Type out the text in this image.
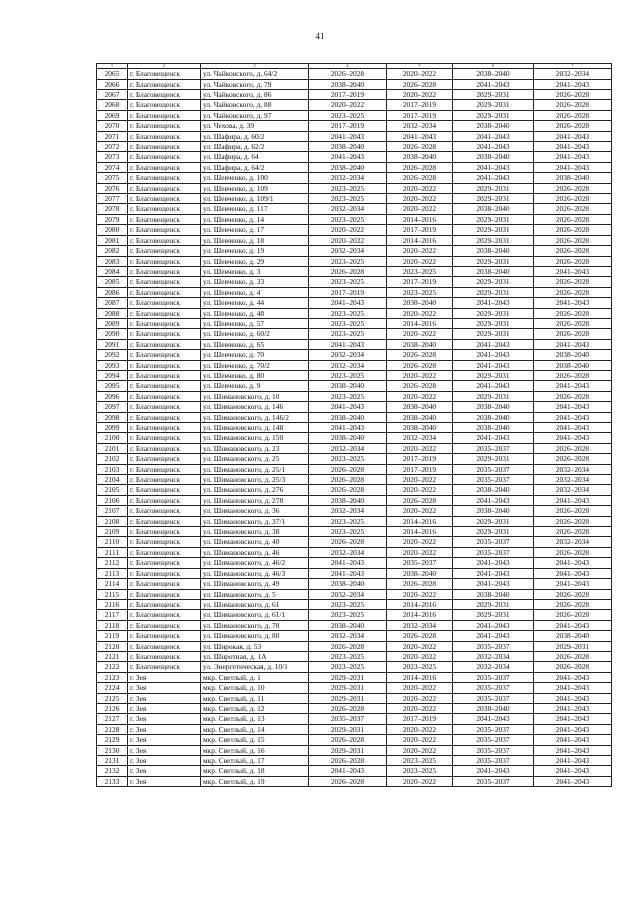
41
1	2	3	4	5	6	7
2065	г. Благовещенск	ул. Чайковского, д. 64/2	2026–2028	2020–2022	2038–2040	2032–2034
2066	г. Благовещенск	ул. Чайковского, д. 79	2038–2040	2026–2028	2041–2043	2041–2043
2067	г. Благовещенск	ул. Чайковского, д. 86	2017–2019	2020–2022	2029–2031	2026–2028
2068	г. Благовещенск	ул. Чайковского, д. 88	2020–2022	2017–2019	2029–2031	2026–2028
2069	г. Благовещенск	ул. Чайковского, д. 97	2023–2025	2017–2019	2029–2031	2026–2028
2070	г. Благовещенск	ул. Чехова, д. 39	2017–2019	2032–2034	2038–2040	2026–2028
2071	г. Благовещенск	ул. Шафира, д. 60/2	2041–2043	2041–2043	2041–2043	2041–2043
2072	г. Благовещенск	ул. Шафира, д. 62/2	2038–2040	2026–2028	2041–2043	2041–2043
2073	г. Благовещенск	ул. Шафира, д. 64	2041–2043	2038–2040	2038–2040	2041–2043
2074	г. Благовещенск	ул. Шафира, д. 64/2	2038–2040	2026–2028	2041–2043	2041–2043
2075	г. Благовещенск	ул. Шевченко, д. 100	2032–2034	2026–2028	2041–2043	2038–2040
2076	г. Благовещенск	ул. Шевченко, д. 109	2023–2025	2020–2022	2029–2031	2026–2028
2077	г. Благовещенск	ул. Шевченко, д. 109/1	2023–2025	2020–2022	2029–2031	2026–2028
2078	г. Благовещенск	ул. Шевченко, д. 117	2032–2034	2020–2022	2038–2040	2026–2028
2079	г. Благовещенск	ул. Шевченко, д. 14	2023–2025	2014–2016	2029–2031	2026–2028
2080	г. Благовещенск	ул. Шевченко, д. 17	2020–2022	2017–2019	2029–2031	2026–2028
2081	г. Благовещенск	ул. Шевченко, д. 18	2020–2022	2014–2016	2029–2031	2026–2028
2082	г. Благовещенск	ул. Шевченко, д. 19	2032–2034	2020–2022	2038–2040	2026–2028
2083	г. Благовещенск	ул. Шевченко, д. 29	2023–2025	2020–2022	2029–2031	2026–2028
2084	г. Благовещенск	ул. Шевченко, д. 3	2026–2028	2023–2025	2038–2040	2041–2043
2085	г. Благовещенск	ул. Шевченко, д. 33	2023–2025	2017–2019	2029–2031	2026–2028
2086	г. Благовещенск	ул. Шевченко, д. 4	2017–2019	2023–2025	2029–2031	2026–2028
2087	г. Благовещенск	ул. Шевченко, д. 44	2041–2043	2038–2040	2041–2043	2041–2043
2088	г. Благовещенск	ул. Шевченко, д. 48	2023–2025	2020–2022	2029–2031	2026–2028
2089	г. Благовещенск	ул. Шевченко, д. 57	2023–2025	2014–2016	2029–2031	2026–2028
2090	г. Благовещенск	ул. Шевченко, д. 60/2	2023–2025	2020–2022	2029–2031	2026–2028
2091	г. Благовещенск	ул. Шевченко, д. 65	2041–2043	2038–2040	2041–2043	2041–2043
2092	г. Благовещенск	ул. Шевченко, д. 70	2032–2034	2026–2028	2041–2043	2038–2040
2093	г. Благовещенск	ул. Шевченко, д. 70/2	2032–2034	2026–2028	2041–2043	2038–2040
2094	г. Благовещенск	ул. Шевченко, д. 80	2023–2025	2020–2022	2029–2031	2026–2028
2095	г. Благовещенск	ул. Шевченко, д. 9	2038–2040	2026–2028	2041–2043	2041–2043
2096	г. Благовещенск	ул. Шимановского, д. 10	2023–2025	2020–2022	2029–2031	2026–2028
2097	г. Благовещенск	ул. Шимановского, д. 146	2041–2043	2038–2040	2038–2040	2041–2043
2098	г. Благовещенск	ул. Шимановского, д. 146/2	2038–2040	2038–2040	2038–2040	2041–2043
2099	г. Благовещенск	ул. Шимановского, д. 148	2041–2043	2038–2040	2038–2040	2041–2043
2100	г. Благовещенск	ул. Шимановского, д. 150	2038–2040	2032–2034	2041–2043	2041–2043
2101	г. Благовещенск	ул. Шимановского, д. 23	2032–2034	2020–2022	2035–2037	2026–2028
2102	г. Благовещенск	ул. Шимановского, д. 25	2023–2025	2017–2019	2029–2031	2026–2028
2103	г. Благовещенск	ул. Шимановского, д. 25/1	2026–2028	2017–2019	2035–2037	2032–2034
2104	г. Благовещенск	ул. Шимановского, д. 25/3	2026–2028	2020–2022	2035–2037	2032–2034
2105	г. Благовещенск	ул. Шимановского, д. 276	2026–2028	2020–2022	2038–2040	2032–2034
2106	г. Благовещенск	ул. Шимановского, д. 278	2038–2040	2026–2028	2041–2043	2041–2043
2107	г. Благовещенск	ул. Шимановского, д. 36	2032–2034	2020–2022	2038–2040	2026–2028
2108	г. Благовещенск	ул. Шимановского, д. 37/1	2023–2025	2014–2016	2029–2031	2026–2028
2109	г. Благовещенск	ул. Шимановского, д. 38	2023–2025	2014–2016	2029–2031	2026–2028
2110	г. Благовещенск	ул. Шимановского, д. 40	2026–2028	2020–2022	2035–2037	2032–2034
2111	г. Благовещенск	ул. Шимановского, д. 46	2032–2034	2020–2022	2035–2037	2026–2028
2112	г. Благовещенск	ул. Шимановского, д. 46/2	2041–2043	2035–2037	2041–2043	2041–2043
2113	г. Благовещенск	ул. Шимановского, д. 46/3	2041–2043	2038–2040	2041–2043	2041–2043
2114	г. Благовещенск	ул. Шимановского, д. 49	2038–2040	2026–2028	2041–2043	2041–2043
2115	г. Благовещенск	ул. Шимановского, д. 5	2032–2034	2020–2022	2038–2040	2026–2028
2116	г. Благовещенск	ул. Шимановского, д. 61	2023–2025	2014–2016	2029–2031	2026–2028
2117	г. Благовещенск	ул. Шимановского, д. 61/1	2023–2025	2014–2016	2029–2031	2026–2028
2118	г. Благовещенск	ул. Шимановского, д. 78	2038–2040	2032–2034	2041–2043	2041–2043
2119	г. Благовещенск	ул. Шимановского, д. 80	2032–2034	2026–2028	2041–2043	2038–2040
2120	г. Благовещенск	ул. Широкая, д. 53	2026–2028	2020–2022	2035–2037	2029–2031
2121	г. Благовещенск	ул. Широтная, д. 1А	2023–2025	2020–2022	2032–2034	2026–2028
2122	г. Благовещенск	ул. Энергетическая, д. 10/1	2023–2025	2023–2025	2032–2034	2026–2028
2123	г. Зея	мкр. Светлый, д. 1	2029–2031	2014–2016	2035–2037	2041–2043
2124	г. Зея	мкр. Светлый, д. 10	2029–2031	2020–2022	2035–2037	2041–2043
2125	г. Зея	мкр. Светлый, д. 11	2029–2031	2020–2022	2035–2037	2041–2043
2126	г. Зея	мкр. Светлый, д. 12	2026–2028	2020–2022	2038–2040	2041–2043
2127	г. Зея	мкр. Светлый, д. 13	2035–2037	2017–2019	2041–2043	2041–2043
2128	г. Зея	мкр. Светлый, д. 14	2029–2031	2020–2022	2035–2037	2041–2043
2129	г. Зея	мкр. Светлый, д. 15	2026–2028	2020–2022	2035–2037	2041–2043
2130	г. Зея	мкр. Светлый, д. 16	2029–2031	2020–2022	2035–2037	2041–2043
2131	г. Зея	мкр. Светлый, д. 17	2026–2028	2023–2025	2035–2037	2041–2043
2132	г. Зея	мкр. Светлый, д. 18	2041–2043	2023–2025	2041–2043	2041–2043
2133	г. Зея	мкр. Светлый, д. 19	2026–2028	2020–2022	2035–2037	2041–2043
